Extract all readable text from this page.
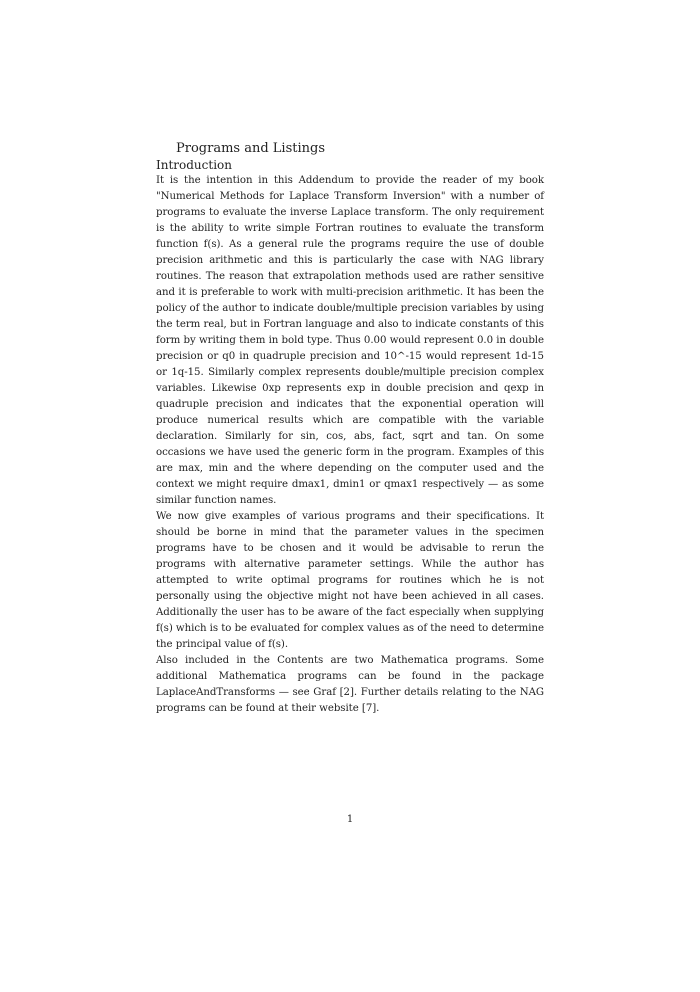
Programs and Listings
Introduction

It is the intention in this Addendum to provide the reader of my book "Numerical Methods for Laplace Transform Inversion" with a number of programs to evaluate the inverse Laplace transform. The only requirement is the ability to write simple Fortran routines to evaluate the transform function f(s). As a general rule the programs require the use of double precision arithmetic and this is particularly the case with NAG library routines. The reason that extrapolation methods used are rather sensitive and it is preferable to work with multi-precision arithmetic. It has been the policy of the author to indicate double/multiple precision variables by using the term real, but in Fortran language and also to indicate constants of this form by writing them in bold type. Thus 0.00 would represent 0.0 in double precision or q0 in quadruple precision and 10^-15 would represent 1d-15 or 1q-15. Similarly complex represents double/multiple precision complex variables. Likewise 0xp represents exp in double precision and qexp in quadruple precision and indicates that the exponential operation will produce numerical results which are compatible with the variable declaration. Similarly for sin, cos, abs, fact, sqrt and tan. On some occasions we have used the generic form in the program. Examples of this are max, min and the where depending on the computer used and the context we might require dmax1, dmin1 or qmax1 respectively — as some similar function names.

We now give examples of various programs and their specifications. It should be borne in mind that the parameter values in the specimen programs have to be chosen and it would be advisable to rerun the programs with alternative parameter settings. While the author has attempted to write optimal programs for routines which he is not personally using the objective might not have been achieved in all cases. Additionally the user has to be aware of the fact especially when supplying f(s) which is to be evaluated for complex values as of the need to determine the principal value of f(s).

Also included in the Contents are two Mathematica programs. Some additional Mathematica programs can be found in the package LaplaceAndTransforms — see Graf [2]. Further details relating to the NAG programs can be found at their website [7].

1
